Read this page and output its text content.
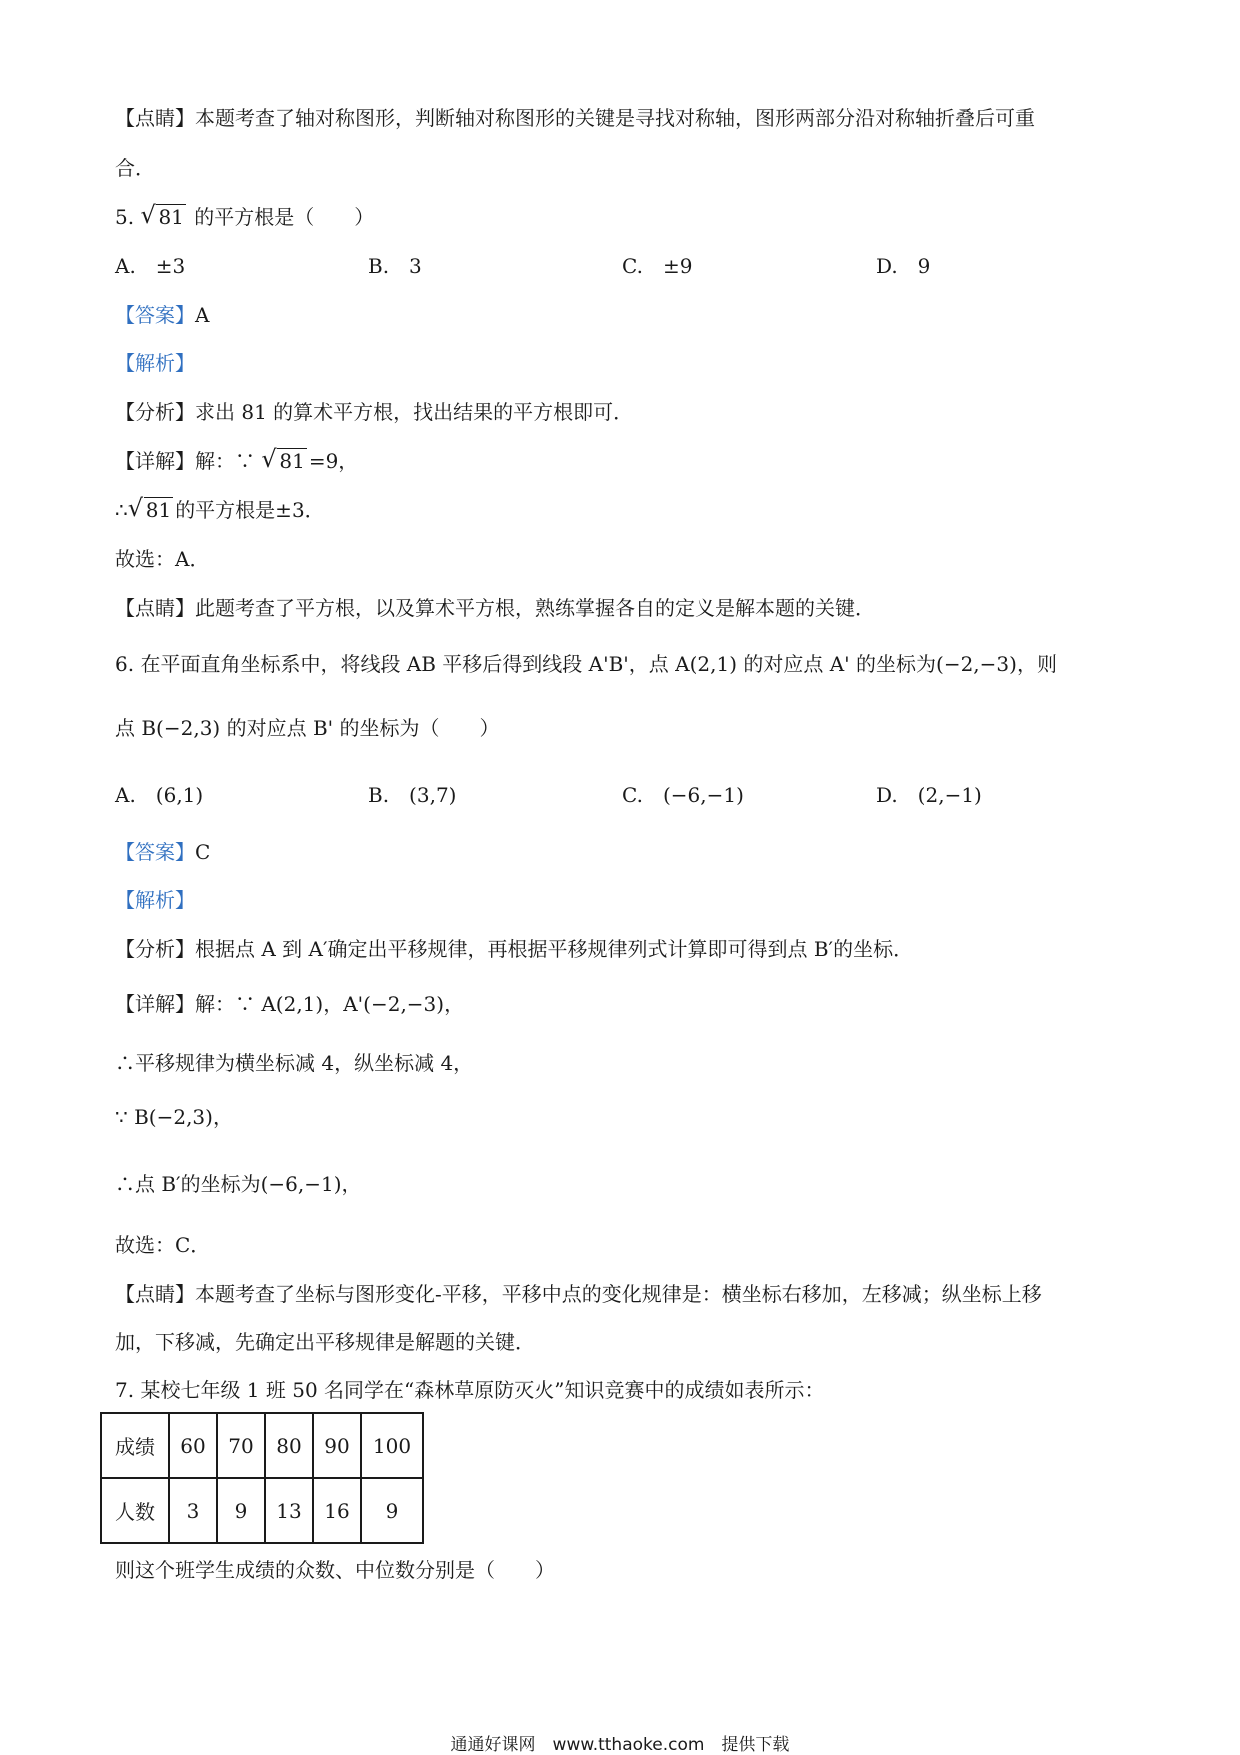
【点睛】本题考查了轴对称图形，判断轴对称图形的关键是寻找对称轴，图形两部分沿对称轴折叠后可重
合．
5. √ 81 的平方根是（　　）
A.　±3	B.　3	C.　±9	D.　9
【答案】A
【解析】
【分析】求出 81 的算术平方根，找出结果的平方根即可．
【详解】解：∵ √ 81 =9，
∴ √ 81 的平方根是±3．
故选：A．
【点睛】此题考查了平方根，以及算术平方根，熟练掌握各自的定义是解本题的关键．
6. 在平面直角坐标系中，将线段 AB 平移后得到线段 A'B'，点 A(2,1) 的对应点 A' 的坐标为(−2,−3)，则
点 B(−2,3) 的对应点 B' 的坐标为（　　）
A.　(6,1)	B.　(3,7)	C.　(−6,−1)	D.　(2,−1)
【答案】C
【解析】
【分析】根据点 A 到 A′确定出平移规律，再根据平移规律列式计算即可得到点 B′的坐标．
【详解】解：∵ A(2,1)，A'(−2,−3)，
∴平移规律为横坐标减 4，纵坐标减 4，
∵ B(−2,3)，
∴点 B′的坐标为(−6,−1)，
故选：C．
【点睛】本题考查了坐标与图形变化-平移，平移中点的变化规律是：横坐标右移加，左移减；纵坐标上移
加，下移减，先确定出平移规律是解题的关键．
7. 某校七年级 1 班 50 名同学在“森林草原防灭火”知识竞赛中的成绩如表所示：
成绩	60	70	80	90	100
人数	3	9	13	16	9
则这个班学生成绩的众数、中位数分别是（　　）
通通好课网　www.tthaoke.com　提供下载
